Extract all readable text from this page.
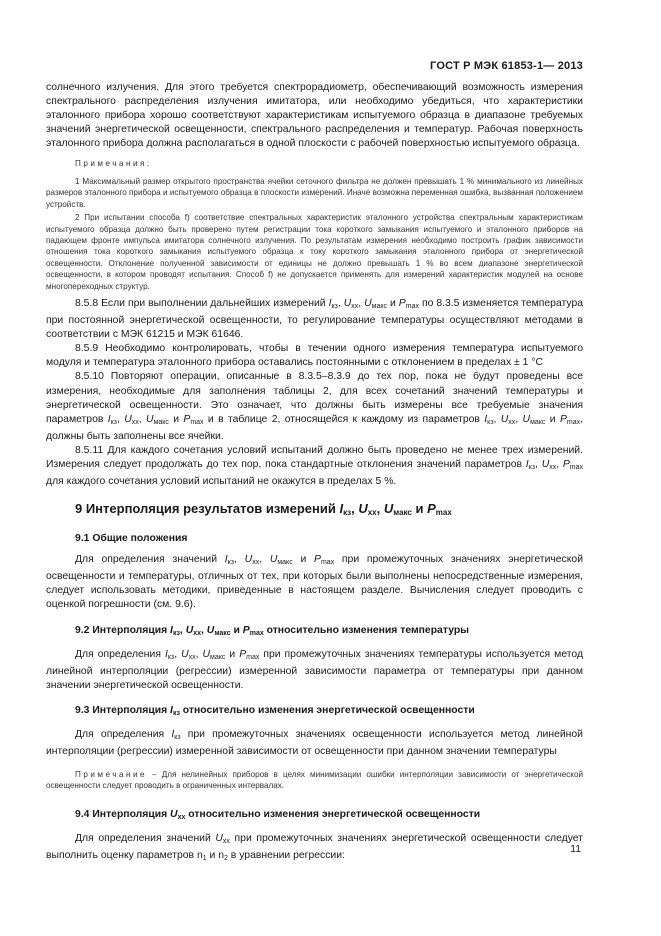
ГОСТ Р МЭК 61853-1— 2013

солнечного излучения. Для этого требуется спектрорадиометр, обеспечивающий возможность измерения спектрального распределения излучения имитатора, или необходимо убедиться, что характеристики эталонного прибора хорошо соответствуют характеристикам испытуемого образца в диапазоне требуемых значений энергетической освещенности, спектрального распределения и температур. Рабочая поверхность эталонного прибора должна располагаться в одной плоскости с рабочей поверхностью испытуемого образца.

Примечания:

1 Максимальный размер открытого пространства ячейки сеточного фильтра не должен превышать 1 % минимального из линейных размеров эталонного прибора и испытуемого образца в плоскости измерений. Иначе возможна переменная ошибка, вызванная положением устройств.

2 При испытании способа f) соответствие спектральных характеристик эталонного устройства спектральным характеристикам испытуемого образца должно быть проверено путем регистрации тока короткого замыкания испытуемого и эталонного приборов на падающем фронте импульса имитатора солнечного излучения. По результатам измерения необходимо построить график зависимости отношения тока короткого замыкания испытуемого образца к току короткого замыкания эталонного прибора от энергетической освещенности. Отклонение полученной зависимости от единицы не должно превышать 1 % во всем диапазоне энергетической освещенности, в котором проводят испытания. Способ f) не допускается применять для измерений характеристик модулей на основе многопереходных структур.

8.5.8 Если при выполнении дальнейших измерений $I_{кз}$, $U_{хх}$, $U_{макс}$ и $P_{max}$ по 8.3.5 изменяется температура при постоянной энергетической освещенности, то регулирование температуры осуществляют методами в соответствии с МЭК 61215 и МЭК 61646.

8.5.9 Необходимо контролировать, чтобы в течении одного измерения температура испытуемого модуля и температура эталонного прибора оставались постоянными с отклонением в пределах ± 1 °С

8.5.10 Повторяют операции, описанные в 8.3.5–8.3.9 до тех пор, пока не будут проведены все измерения, необходимые для заполнения таблицы 2, для всех сочетаний значений температуры и энергетической освещенности. Это означает, что должны быть измерены все требуемые значения параметров $I_{кз}$, $U_{хх}$, $U_{макс}$ и $P_{max}$ и в таблице 2, относящейся к каждому из параметров $I_{кз}$, $U_{хх}$, $U_{макс}$ и $P_{max}$, должны быть заполнены все ячейки.

8.5.11 Для каждого сочетания условий испытаний должно быть проведено не менее трех измерений. Измерения следует продолжать до тех пор, пока стандартные отклонения значений параметров $I_{кз}$, $U_{хх}$, $P_{max}$ для каждого сочетания условий испытаний не окажутся в пределах 5 %.

9 Интерполяция результатов измерений Iкз, Uхх, Uмакс и Pmax
9.1 Общие положения

Для определения значений $I_{кз}$, $U_{хх}$, $U_{макс}$ и $P_{max}$ при промежуточных значениях энергетической освещенности и температуры, отличных от тех, при которых были выполнены непосредственные измерения, следует использовать методики, приведенные в настоящем разделе. Вычисления следует проводить с оценкой погрешности (см. 9.6).

9.2 Интерполяция $I_{кз}$, $U_{хх}$, $U_{макс}$ и $P_{max}$ относительно изменения температуры

Для определения $I_{кз}$, $U_{хх}$, $U_{макс}$ и $P_{max}$ при промежуточных значениях температуры используется метод линейной интерполяции (регрессии) измеренной зависимости параметра от температуры при данном значении энергетической освещенности.

9.3 Интерполяция $I_{кз}$ относительно изменения энергетической освещенности

Для определения $I_{кз}$ при промежуточных значениях освещенности используется метод линейной интерполяции (регрессии) измеренной зависимости от освещенности при данном значении температуры

Примечание – Для нелинейных приборов в целях минимизации ошибки интерполяции зависимости от энергетической освещенности следует проводить в ограниченных интервалах.

9.4 Интерполяция $U_{хх}$ относительно изменения энергетической освещенности

Для определения значений $U_{хх}$ при промежуточных значениях энергетической освещенности следует выполнить оценку параметров $n_1$ и $n_2$ в уравнении регрессии:

11
